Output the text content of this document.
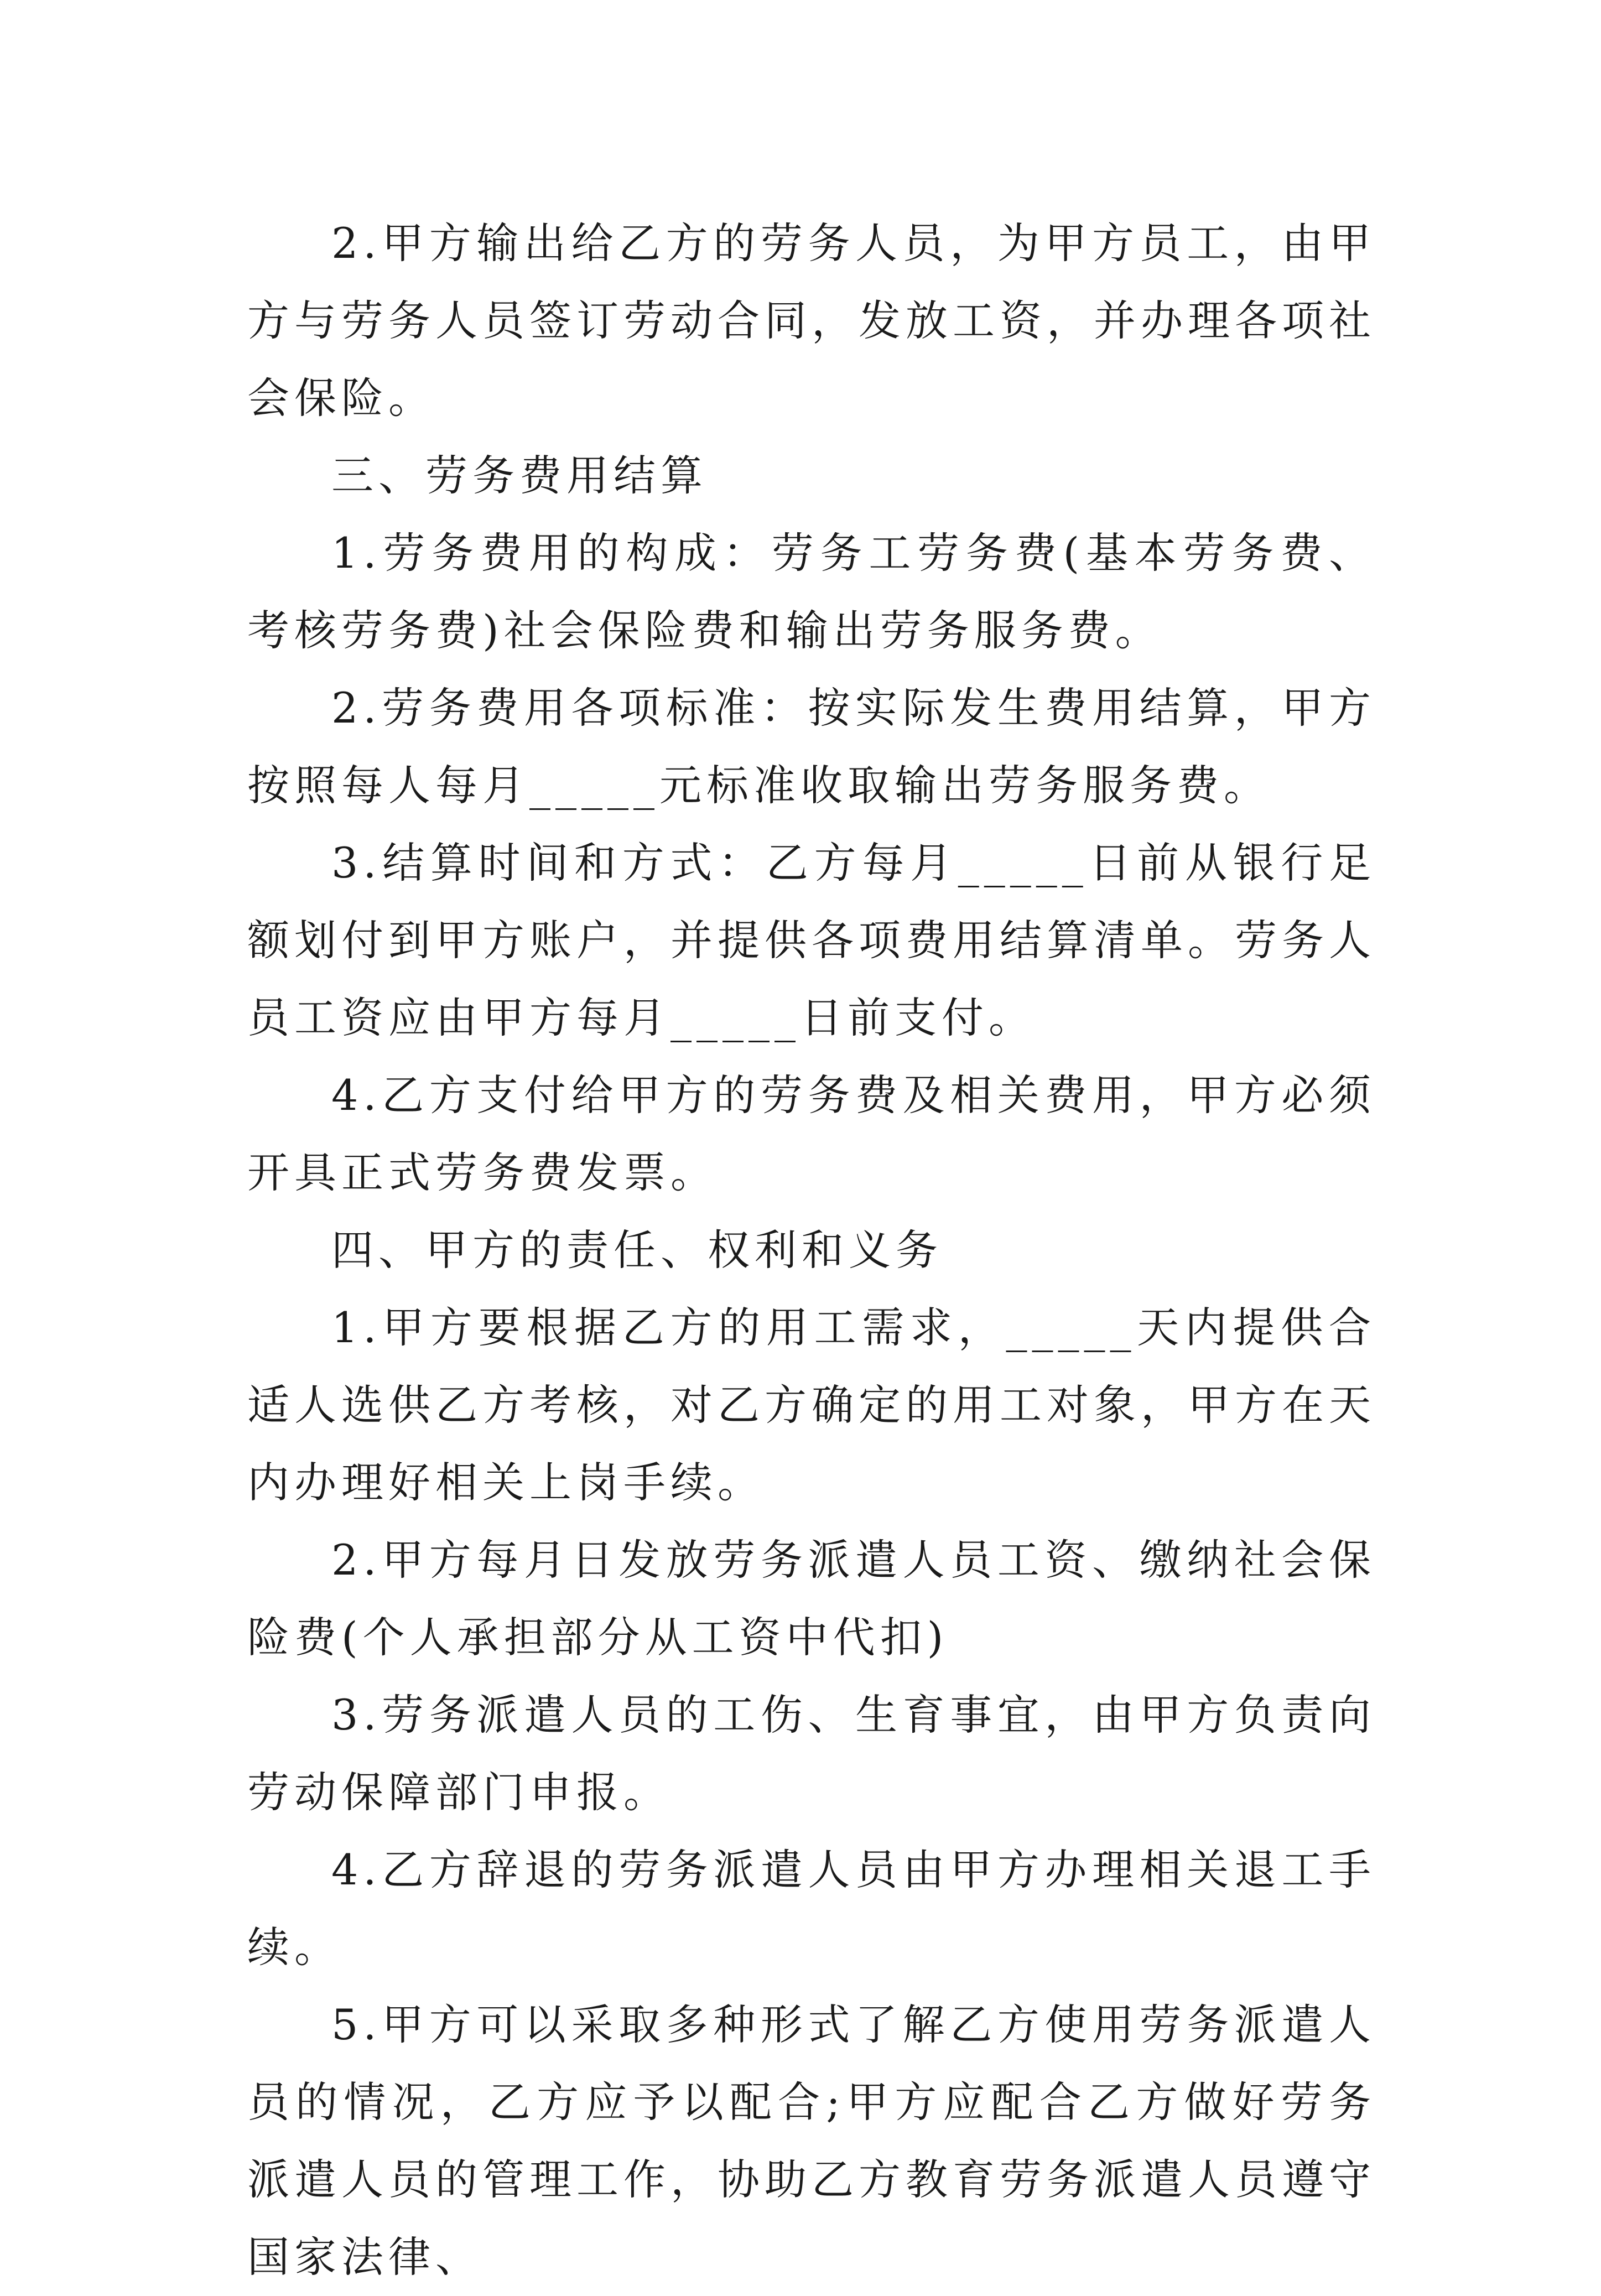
2.甲方输出给乙方的劳务人员，为甲方员工，由甲方与劳务人员签订劳动合同，发放工资，并办理各项社会保险。

三、劳务费用结算

1.劳务费用的构成：劳务工劳务费(基本劳务费、考核劳务费)社会保险费和输出劳务服务费。

2.劳务费用各项标准：按实际发生费用结算，甲方按照每人每月_____元标准收取输出劳务服务费。

3.结算时间和方式：乙方每月_____日前从银行足额划付到甲方账户，并提供各项费用结算清单。劳务人员工资应由甲方每月_____日前支付。

4.乙方支付给甲方的劳务费及相关费用，甲方必须开具正式劳务费发票。

四、甲方的责任、权利和义务

1.甲方要根据乙方的用工需求，_____天内提供合适人选供乙方考核，对乙方确定的用工对象，甲方在天内办理好相关上岗手续。

2.甲方每月日发放劳务派遣人员工资、缴纳社会保险费(个人承担部分从工资中代扣)

3.劳务派遣人员的工伤、生育事宜，由甲方负责向劳动保障部门申报。

4.乙方辞退的劳务派遣人员由甲方办理相关退工手续。

5.甲方可以采取多种形式了解乙方使用劳务派遣人员的情况，乙方应予以配合;甲方应配合乙方做好劳务派遣人员的管理工作，协助乙方教育劳务派遣人员遵守国家法律、
